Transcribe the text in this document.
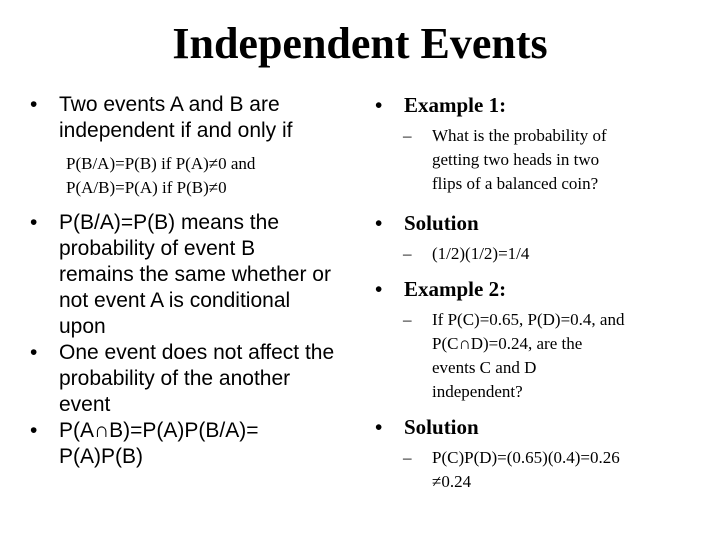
Independent Events
• Two events A and B are
independent if and only if
P(B/A)=P(B) if P(A)≠0 and
P(A/B)=P(A) if P(B)≠0
• P(B/A)=P(B) means the
probability of event B
remains the same whether or
not event A is conditional
upon
• One event does not affect the
probability of the another
event
• P(A∩B)=P(A)P(B/A)=
P(A)P(B)
• Example 1:
– What is the probability of
getting two heads in two
flips of a balanced coin?
• Solution
– (1/2)(1/2)=1/4
• Example 2:
– If P(C)=0.65, P(D)=0.4, and
P(C∩D)=0.24, are the
events C and D
independent?
• Solution
– P(C)P(D)=(0.65)(0.4)=0.26
≠0.24
